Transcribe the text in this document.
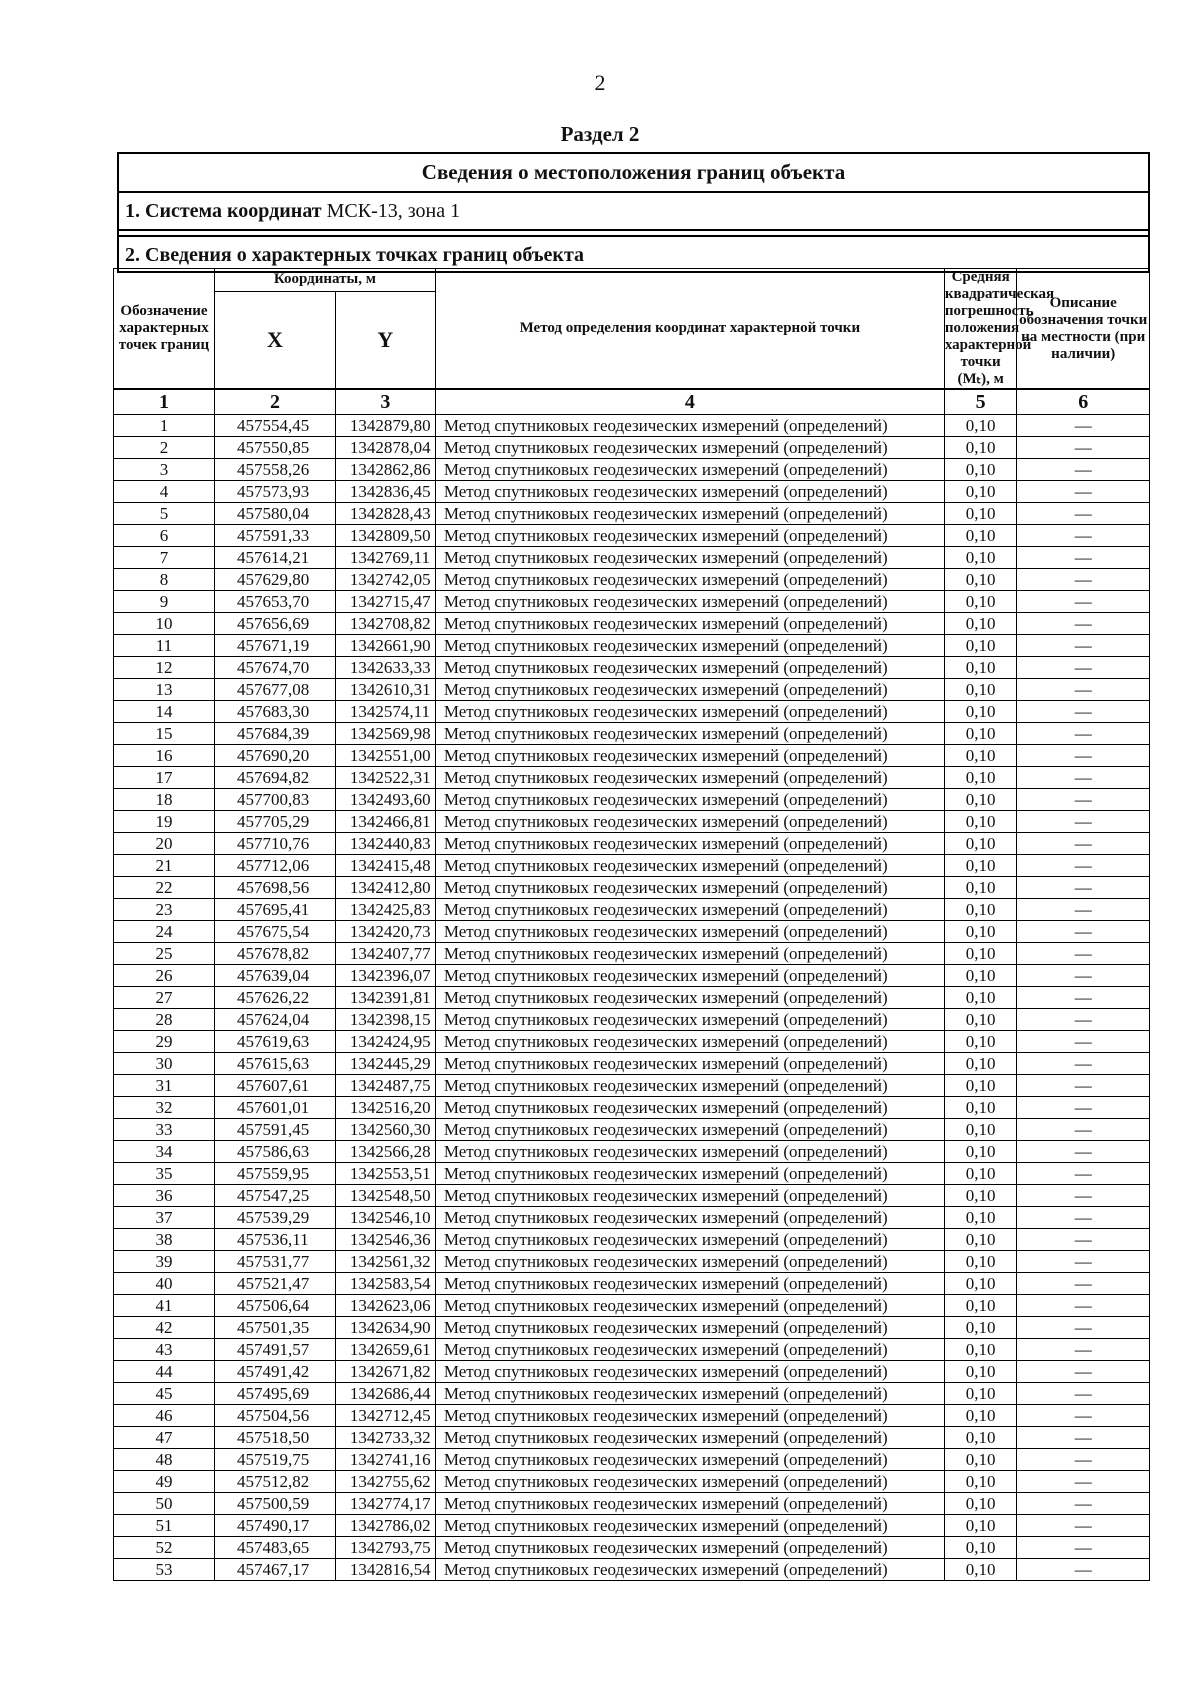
2
Раздел 2
Сведения о местоположения границ объекта
1. Система координат МСК-13, зона 1
2. Сведения о характерных точках границ объекта
Обозначение характерных точек границ	Координаты, м		Метод определения координат характерной точки	Средняя квадратическая погрешность положения характерной точки (Mₜ), м	Описание обозначения точки на местности (при наличии)
	X	Y			
1	2	3	4	5	6
1	457554,45	1342879,80	Метод спутниковых геодезических измерений (определений)	0,10	—
2	457550,85	1342878,04	Метод спутниковых геодезических измерений (определений)	0,10	—
3	457558,26	1342862,86	Метод спутниковых геодезических измерений (определений)	0,10	—
4	457573,93	1342836,45	Метод спутниковых геодезических измерений (определений)	0,10	—
5	457580,04	1342828,43	Метод спутниковых геодезических измерений (определений)	0,10	—
6	457591,33	1342809,50	Метод спутниковых геодезических измерений (определений)	0,10	—
7	457614,21	1342769,11	Метод спутниковых геодезических измерений (определений)	0,10	—
8	457629,80	1342742,05	Метод спутниковых геодезических измерений (определений)	0,10	—
9	457653,70	1342715,47	Метод спутниковых геодезических измерений (определений)	0,10	—
10	457656,69	1342708,82	Метод спутниковых геодезических измерений (определений)	0,10	—
11	457671,19	1342661,90	Метод спутниковых геодезических измерений (определений)	0,10	—
12	457674,70	1342633,33	Метод спутниковых геодезических измерений (определений)	0,10	—
13	457677,08	1342610,31	Метод спутниковых геодезических измерений (определений)	0,10	—
14	457683,30	1342574,11	Метод спутниковых геодезических измерений (определений)	0,10	—
15	457684,39	1342569,98	Метод спутниковых геодезических измерений (определений)	0,10	—
16	457690,20	1342551,00	Метод спутниковых геодезических измерений (определений)	0,10	—
17	457694,82	1342522,31	Метод спутниковых геодезических измерений (определений)	0,10	—
18	457700,83	1342493,60	Метод спутниковых геодезических измерений (определений)	0,10	—
19	457705,29	1342466,81	Метод спутниковых геодезических измерений (определений)	0,10	—
20	457710,76	1342440,83	Метод спутниковых геодезических измерений (определений)	0,10	—
21	457712,06	1342415,48	Метод спутниковых геодезических измерений (определений)	0,10	—
22	457698,56	1342412,80	Метод спутниковых геодезических измерений (определений)	0,10	—
23	457695,41	1342425,83	Метод спутниковых геодезических измерений (определений)	0,10	—
24	457675,54	1342420,73	Метод спутниковых геодезических измерений (определений)	0,10	—
25	457678,82	1342407,77	Метод спутниковых геодезических измерений (определений)	0,10	—
26	457639,04	1342396,07	Метод спутниковых геодезических измерений (определений)	0,10	—
27	457626,22	1342391,81	Метод спутниковых геодезических измерений (определений)	0,10	—
28	457624,04	1342398,15	Метод спутниковых геодезических измерений (определений)	0,10	—
29	457619,63	1342424,95	Метод спутниковых геодезических измерений (определений)	0,10	—
30	457615,63	1342445,29	Метод спутниковых геодезических измерений (определений)	0,10	—
31	457607,61	1342487,75	Метод спутниковых геодезических измерений (определений)	0,10	—
32	457601,01	1342516,20	Метод спутниковых геодезических измерений (определений)	0,10	—
33	457591,45	1342560,30	Метод спутниковых геодезических измерений (определений)	0,10	—
34	457586,63	1342566,28	Метод спутниковых геодезических измерений (определений)	0,10	—
35	457559,95	1342553,51	Метод спутниковых геодезических измерений (определений)	0,10	—
36	457547,25	1342548,50	Метод спутниковых геодезических измерений (определений)	0,10	—
37	457539,29	1342546,10	Метод спутниковых геодезических измерений (определений)	0,10	—
38	457536,11	1342546,36	Метод спутниковых геодезических измерений (определений)	0,10	—
39	457531,77	1342561,32	Метод спутниковых геодезических измерений (определений)	0,10	—
40	457521,47	1342583,54	Метод спутниковых геодезических измерений (определений)	0,10	—
41	457506,64	1342623,06	Метод спутниковых геодезических измерений (определений)	0,10	—
42	457501,35	1342634,90	Метод спутниковых геодезических измерений (определений)	0,10	—
43	457491,57	1342659,61	Метод спутниковых геодезических измерений (определений)	0,10	—
44	457491,42	1342671,82	Метод спутниковых геодезических измерений (определений)	0,10	—
45	457495,69	1342686,44	Метод спутниковых геодезических измерений (определений)	0,10	—
46	457504,56	1342712,45	Метод спутниковых геодезических измерений (определений)	0,10	—
47	457518,50	1342733,32	Метод спутниковых геодезических измерений (определений)	0,10	—
48	457519,75	1342741,16	Метод спутниковых геодезических измерений (определений)	0,10	—
49	457512,82	1342755,62	Метод спутниковых геодезических измерений (определений)	0,10	—
50	457500,59	1342774,17	Метод спутниковых геодезических измерений (определений)	0,10	—
51	457490,17	1342786,02	Метод спутниковых геодезических измерений (определений)	0,10	—
52	457483,65	1342793,75	Метод спутниковых геодезических измерений (определений)	0,10	—
53	457467,17	1342816,54	Метод спутниковых геодезических измерений (определений)	0,10	—
